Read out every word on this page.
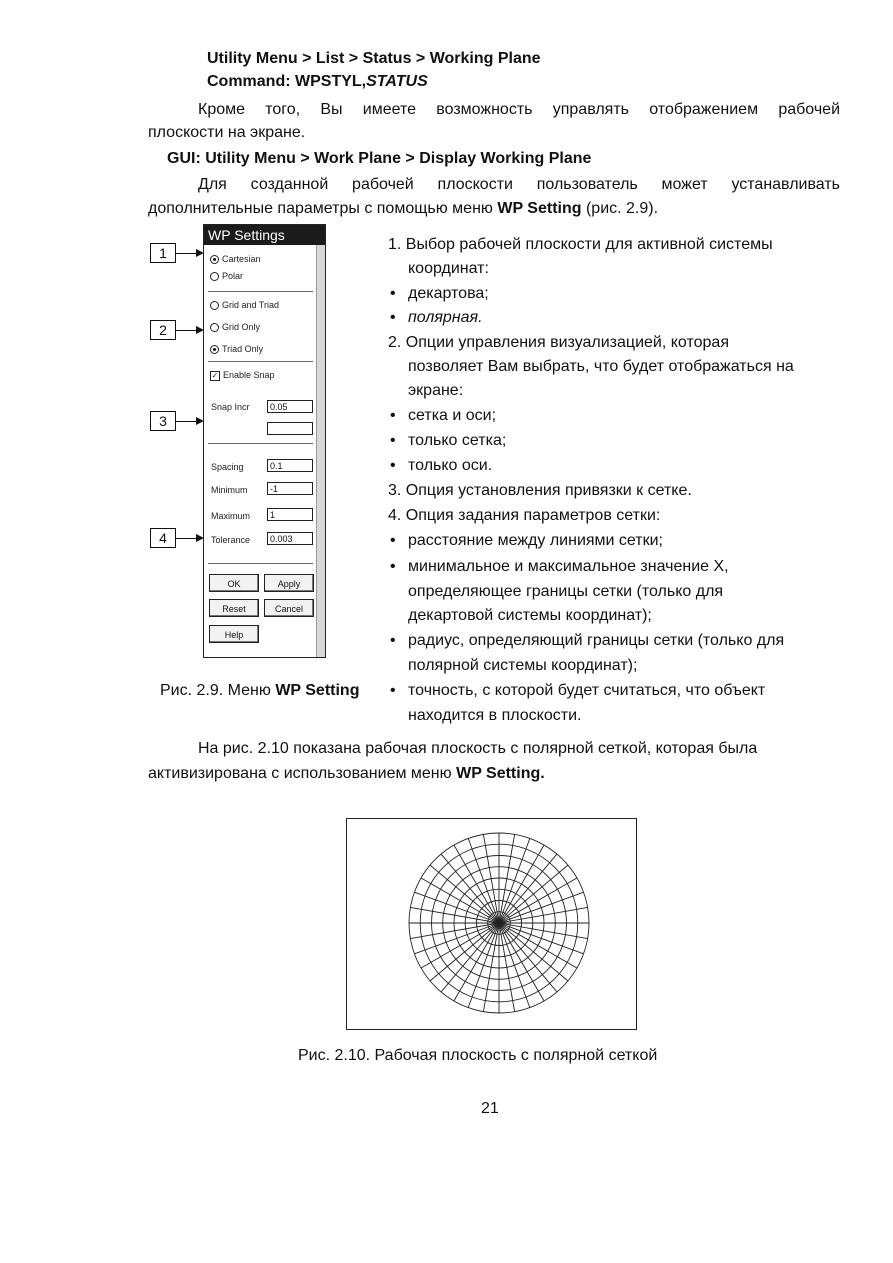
Utility Menu > List > Status > Working Plane
Command: WPSTYL,STATUS
Кроме того, Вы имеете возможность управлять отображением рабочей
плоскости на экране.
GUI: Utility Menu > Work Plane > Display Working Plane
Для созданной рабочей плоскости пользователь может устанавливать
дополнительные параметры с помощью меню WP Setting (рис. 2.9).
1
2
3
4
WP Settings
Cartesian
Polar
Grid and Triad
Grid Only
Triad Only
✓ Enable Snap
Snap Incr	0.05
Spacing	0.1
Minimum	-1
Maximum	1
Tolerance	0.003
OK	Apply
Reset	Cancel
Help
Рис. 2.9. Меню WP Setting
1. Выбор рабочей плоскости для активной системы
координат:
• декартова;
• полярная.
2. Опции управления визуализацией, которая
позволяет Вам выбрать, что будет отображаться на
экране:
• сетка и оси;
• только сетка;
• только оси.
3. Опция установления привязки к сетке.
4. Опция задания параметров сетки:
• расстояние между линиями сетки;
• минимальное и максимальное значение X,
определяющее границы сетки (только для
декартовой системы координат);
• радиус, определяющий границы сетки (только для
полярной системы координат);
• точность, с которой будет считаться, что объект
находится в плоскости.
На рис. 2.10 показана рабочая плоскость с полярной сеткой, которая была
активизирована с использованием меню WP Setting.
Рис. 2.10. Рабочая плоскость с полярной сеткой
21
